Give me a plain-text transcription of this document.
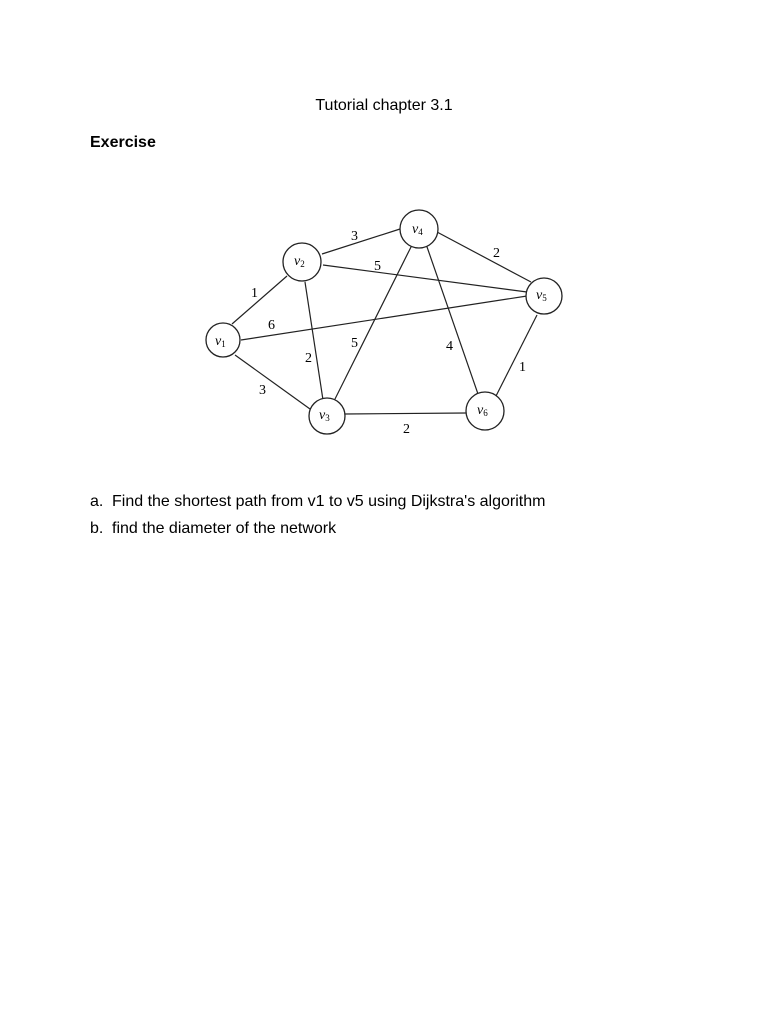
Tutorial chapter 3.1
Exercise
1
6
3
3
5
2
2
5	4
1
2
v1
v2
v3
v4
v5
v6
a. Find the shortest path from v1 to v5 using Dijkstra's algorithm
b. find the diameter of the network
